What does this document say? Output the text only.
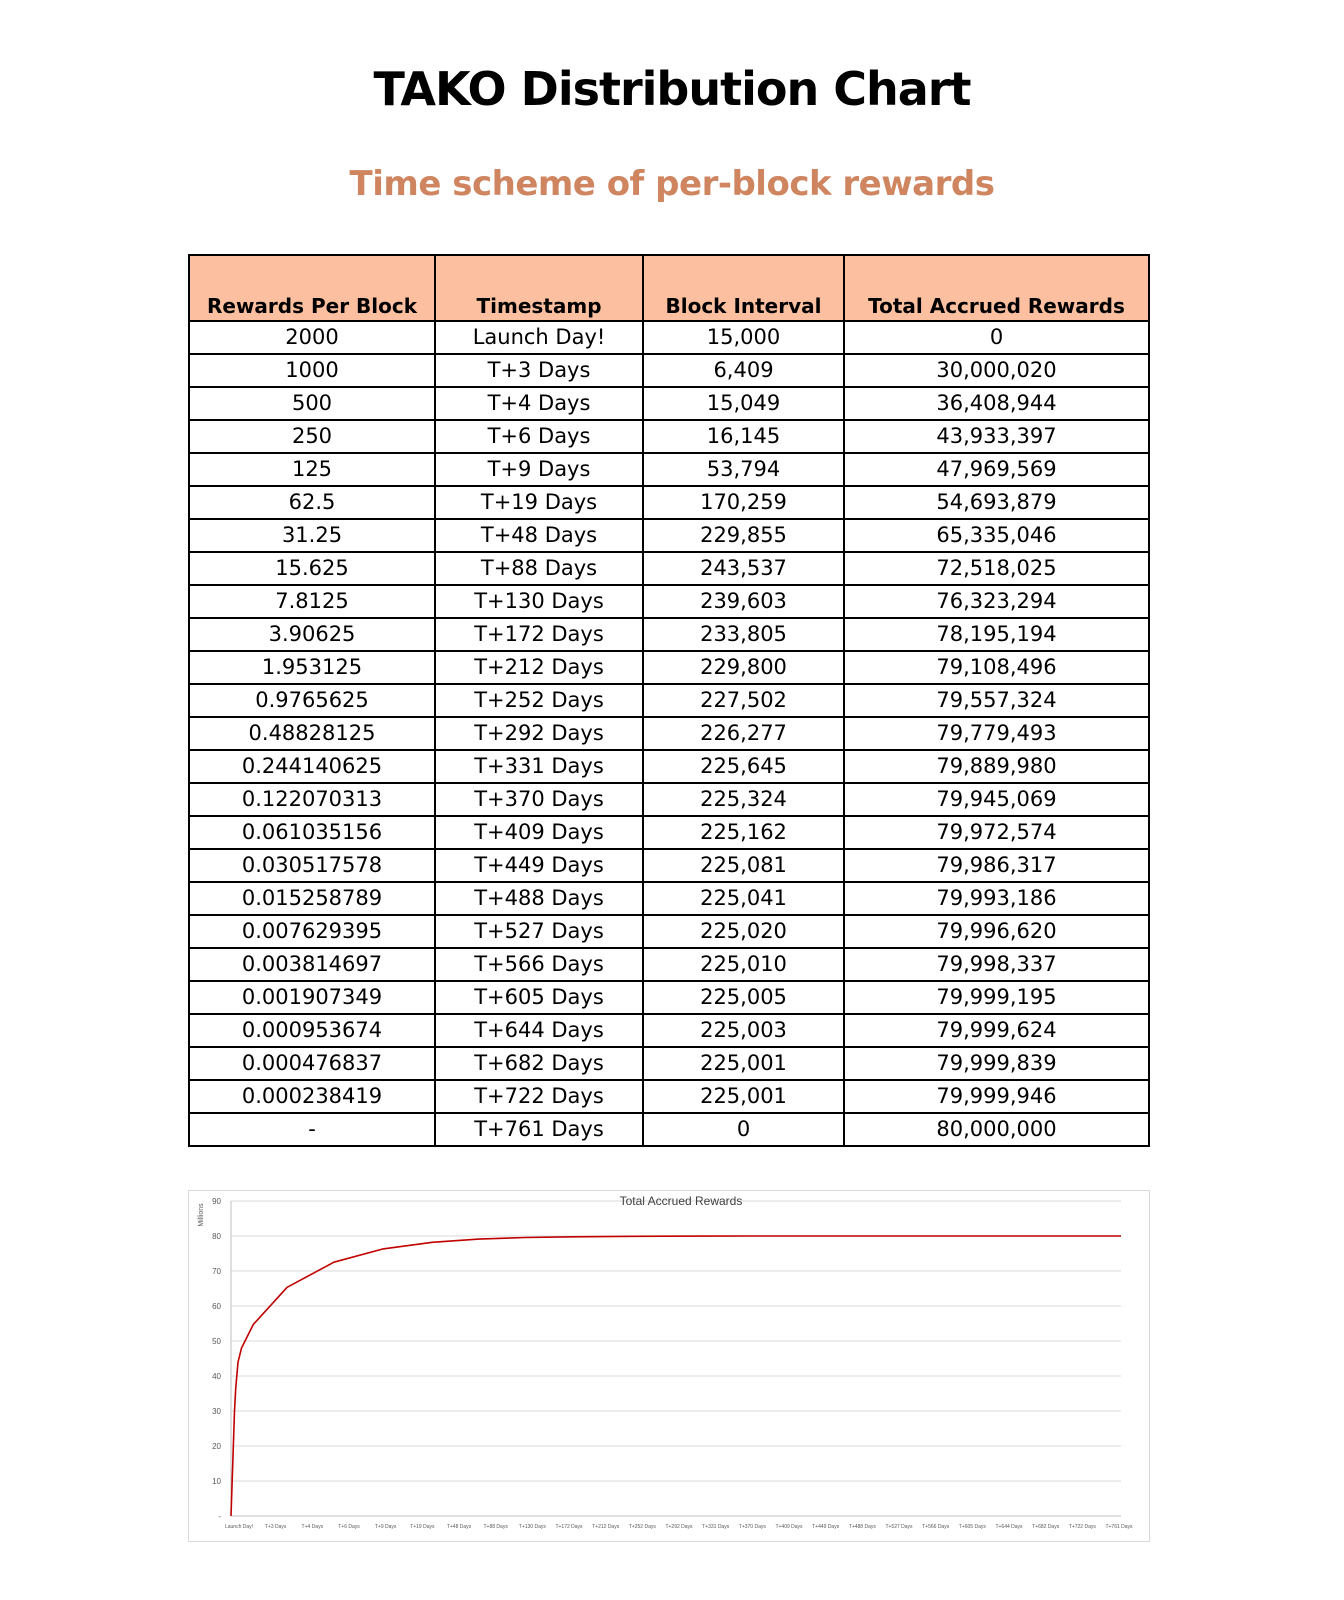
TAKO Distribution Chart
Time scheme of per-block rewards
Rewards Per Block	Timestamp	Block Interval	Total Accrued Rewards
2000	Launch Day!	15,000	0
1000	T+3 Days	6,409	30,000,020
500	T+4 Days	15,049	36,408,944
250	T+6 Days	16,145	43,933,397
125	T+9 Days	53,794	47,969,569
62.5	T+19 Days	170,259	54,693,879
31.25	T+48 Days	229,855	65,335,046
15.625	T+88 Days	243,537	72,518,025
7.8125	T+130 Days	239,603	76,323,294
3.90625	T+172 Days	233,805	78,195,194
1.953125	T+212 Days	229,800	79,108,496
0.9765625	T+252 Days	227,502	79,557,324
0.48828125	T+292 Days	226,277	79,779,493
0.244140625	T+331 Days	225,645	79,889,980
0.122070313	T+370 Days	225,324	79,945,069
0.061035156	T+409 Days	225,162	79,972,574
0.030517578	T+449 Days	225,081	79,986,317
0.015258789	T+488 Days	225,041	79,993,186
0.007629395	T+527 Days	225,020	79,996,620
0.003814697	T+566 Days	225,010	79,998,337
0.001907349	T+605 Days	225,005	79,999,195
0.000953674	T+644 Days	225,003	79,999,624
0.000476837	T+682 Days	225,001	79,999,839
0.000238419	T+722 Days	225,001	79,999,946
-	T+761 Days	0	80,000,000
-
10
20
30
40
50
60
70
80
90
Millions
Total Accrued Rewards
Launch Day! T+3 Days	T+4 Days	T+6 Days	T+9 Days	T+19 Days T+48 Days T+88 Days T+130 Days T+172 Days T+212 Days T+252 Days T+292 Days T+331 Days T+370 Days T+409 Days T+449 Days T+488 Days T+527 Days T+566 Days T+605 Days T+644 Days T+682 Days T+722 Days T+761 Days
